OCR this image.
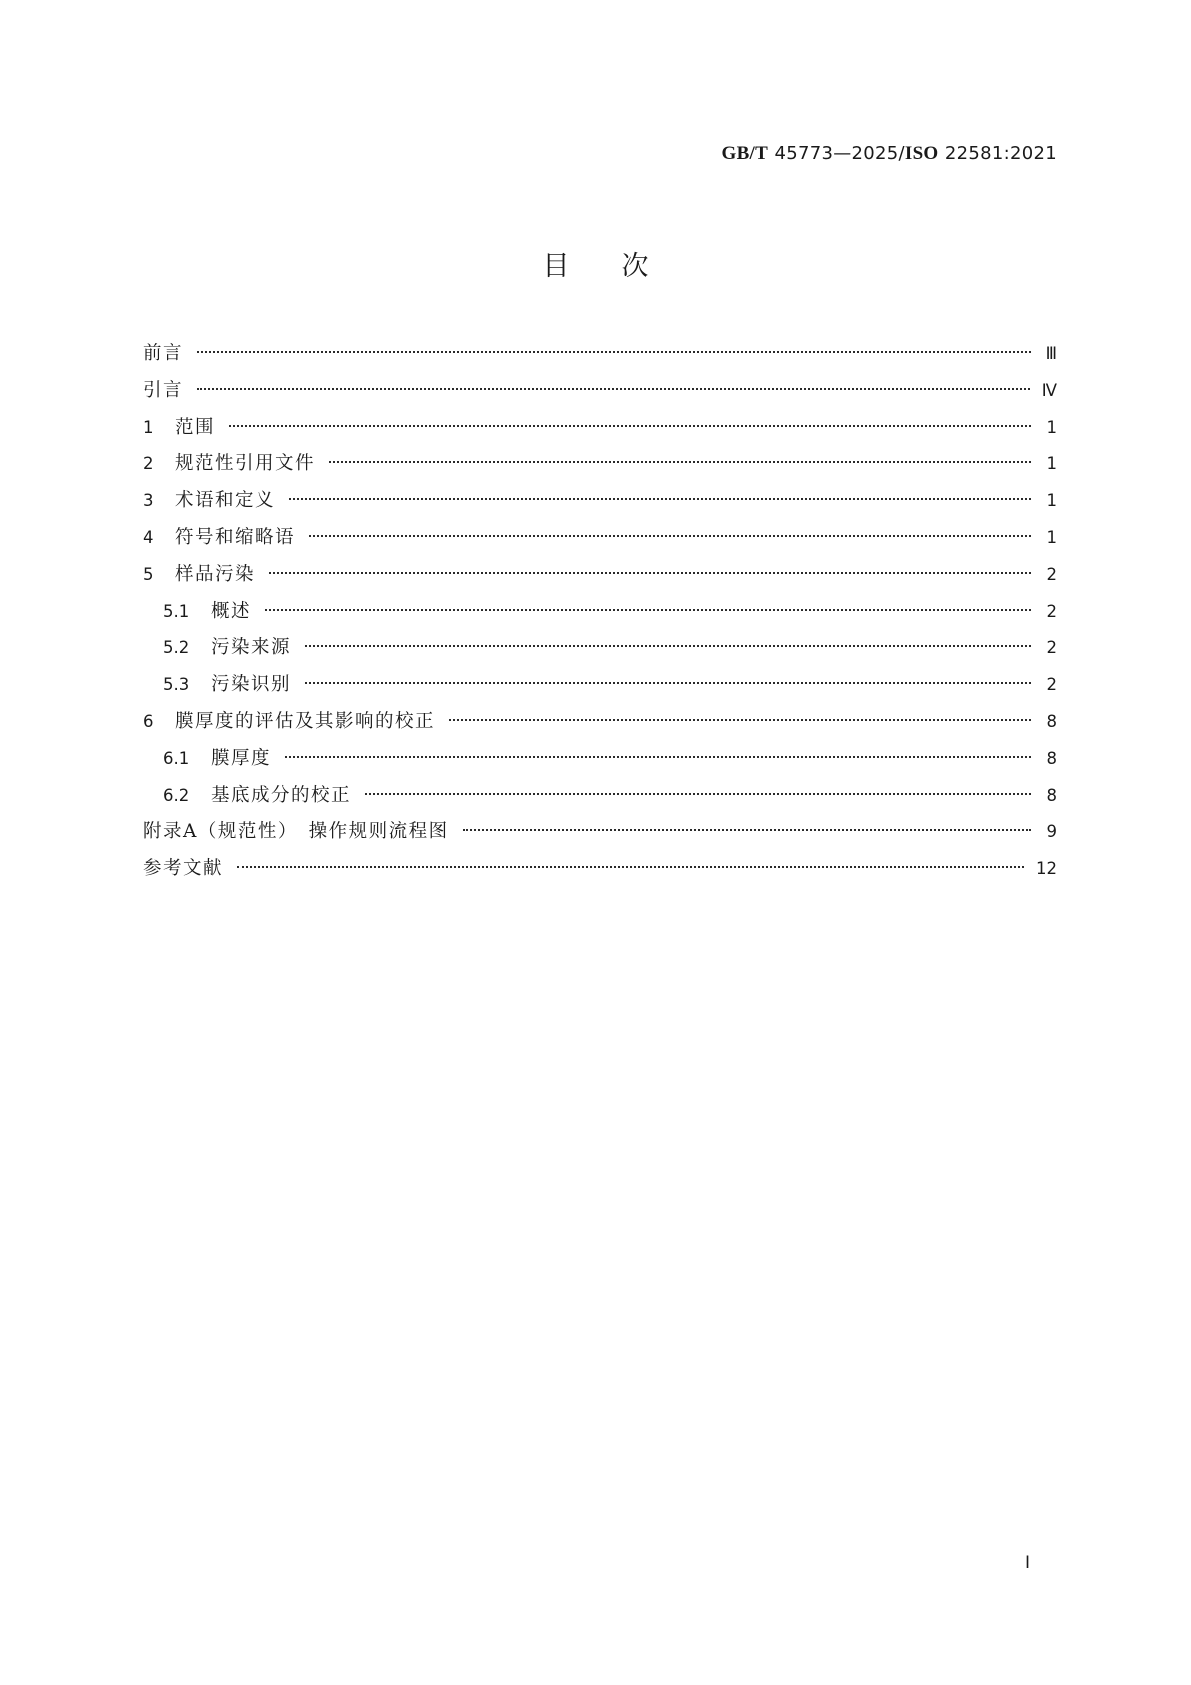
GB/T 45773—2025/ISO 22581:2021
目次
前言	Ⅲ
引言	Ⅳ
1	范围	1
2	规范性引用文件	1
3	术语和定义	1
4	符号和缩略语	1
5	样品污染	2
5.1	概述	2
5.2	污染来源	2
5.3	污染识别	2
6	膜厚度的评估及其影响的校正	8
6.1	膜厚度	8
6.2	基底成分的校正	8
附录A（规范性）　操作规则流程图	9
参考文献	12
Ⅰ
